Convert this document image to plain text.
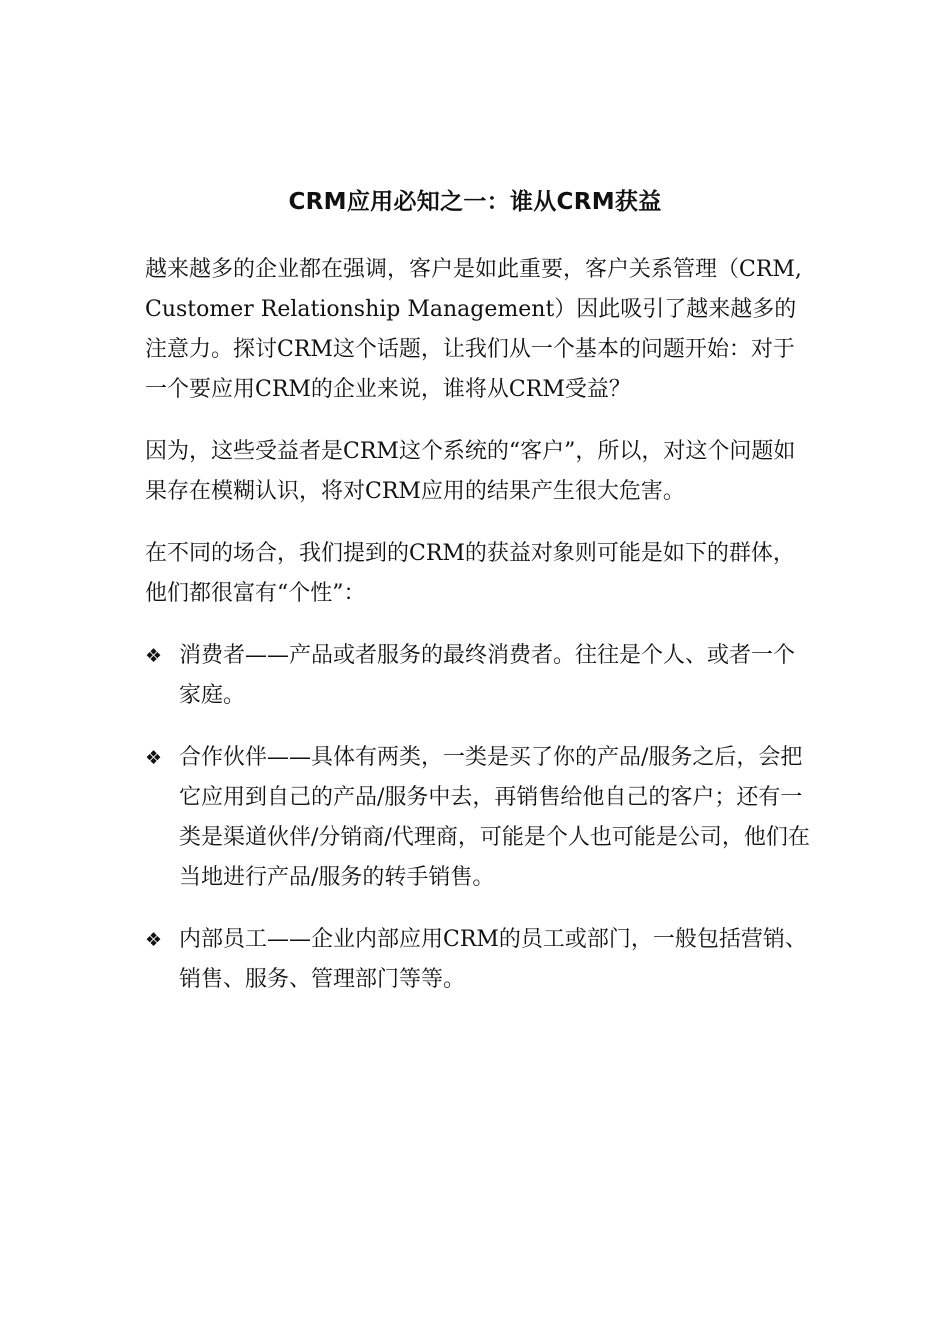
CRM应用必知之一：谁从CRM获益

越来越多的企业都在强调，客户是如此重要，客户关系管理（CRM, Customer Relationship Management）因此吸引了越来越多的注意力。探讨CRM这个话题，让我们从一个基本的问题开始：对于一个要应用CRM的企业来说，谁将从CRM受益？

因为，这些受益者是CRM这个系统的“客户”，所以，对这个问题如果存在模糊认识，将对CRM应用的结果产生很大危害。

在不同的场合，我们提到的CRM的获益对象则可能是如下的群体，他们都很富有“个性”：

❖ 消费者——产品或者服务的最终消费者。往往是个人、或者一个家庭。
❖ 合作伙伴——具体有两类，一类是买了你的产品/服务之后，会把它应用到自己的产品/服务中去，再销售给他自己的客户；还有一类是渠道伙伴/分销商/代理商，可能是个人也可能是公司，他们在当地进行产品/服务的转手销售。
❖ 内部员工——企业内部应用CRM的员工或部门，一般包括营销、销售、服务、管理部门等等。
